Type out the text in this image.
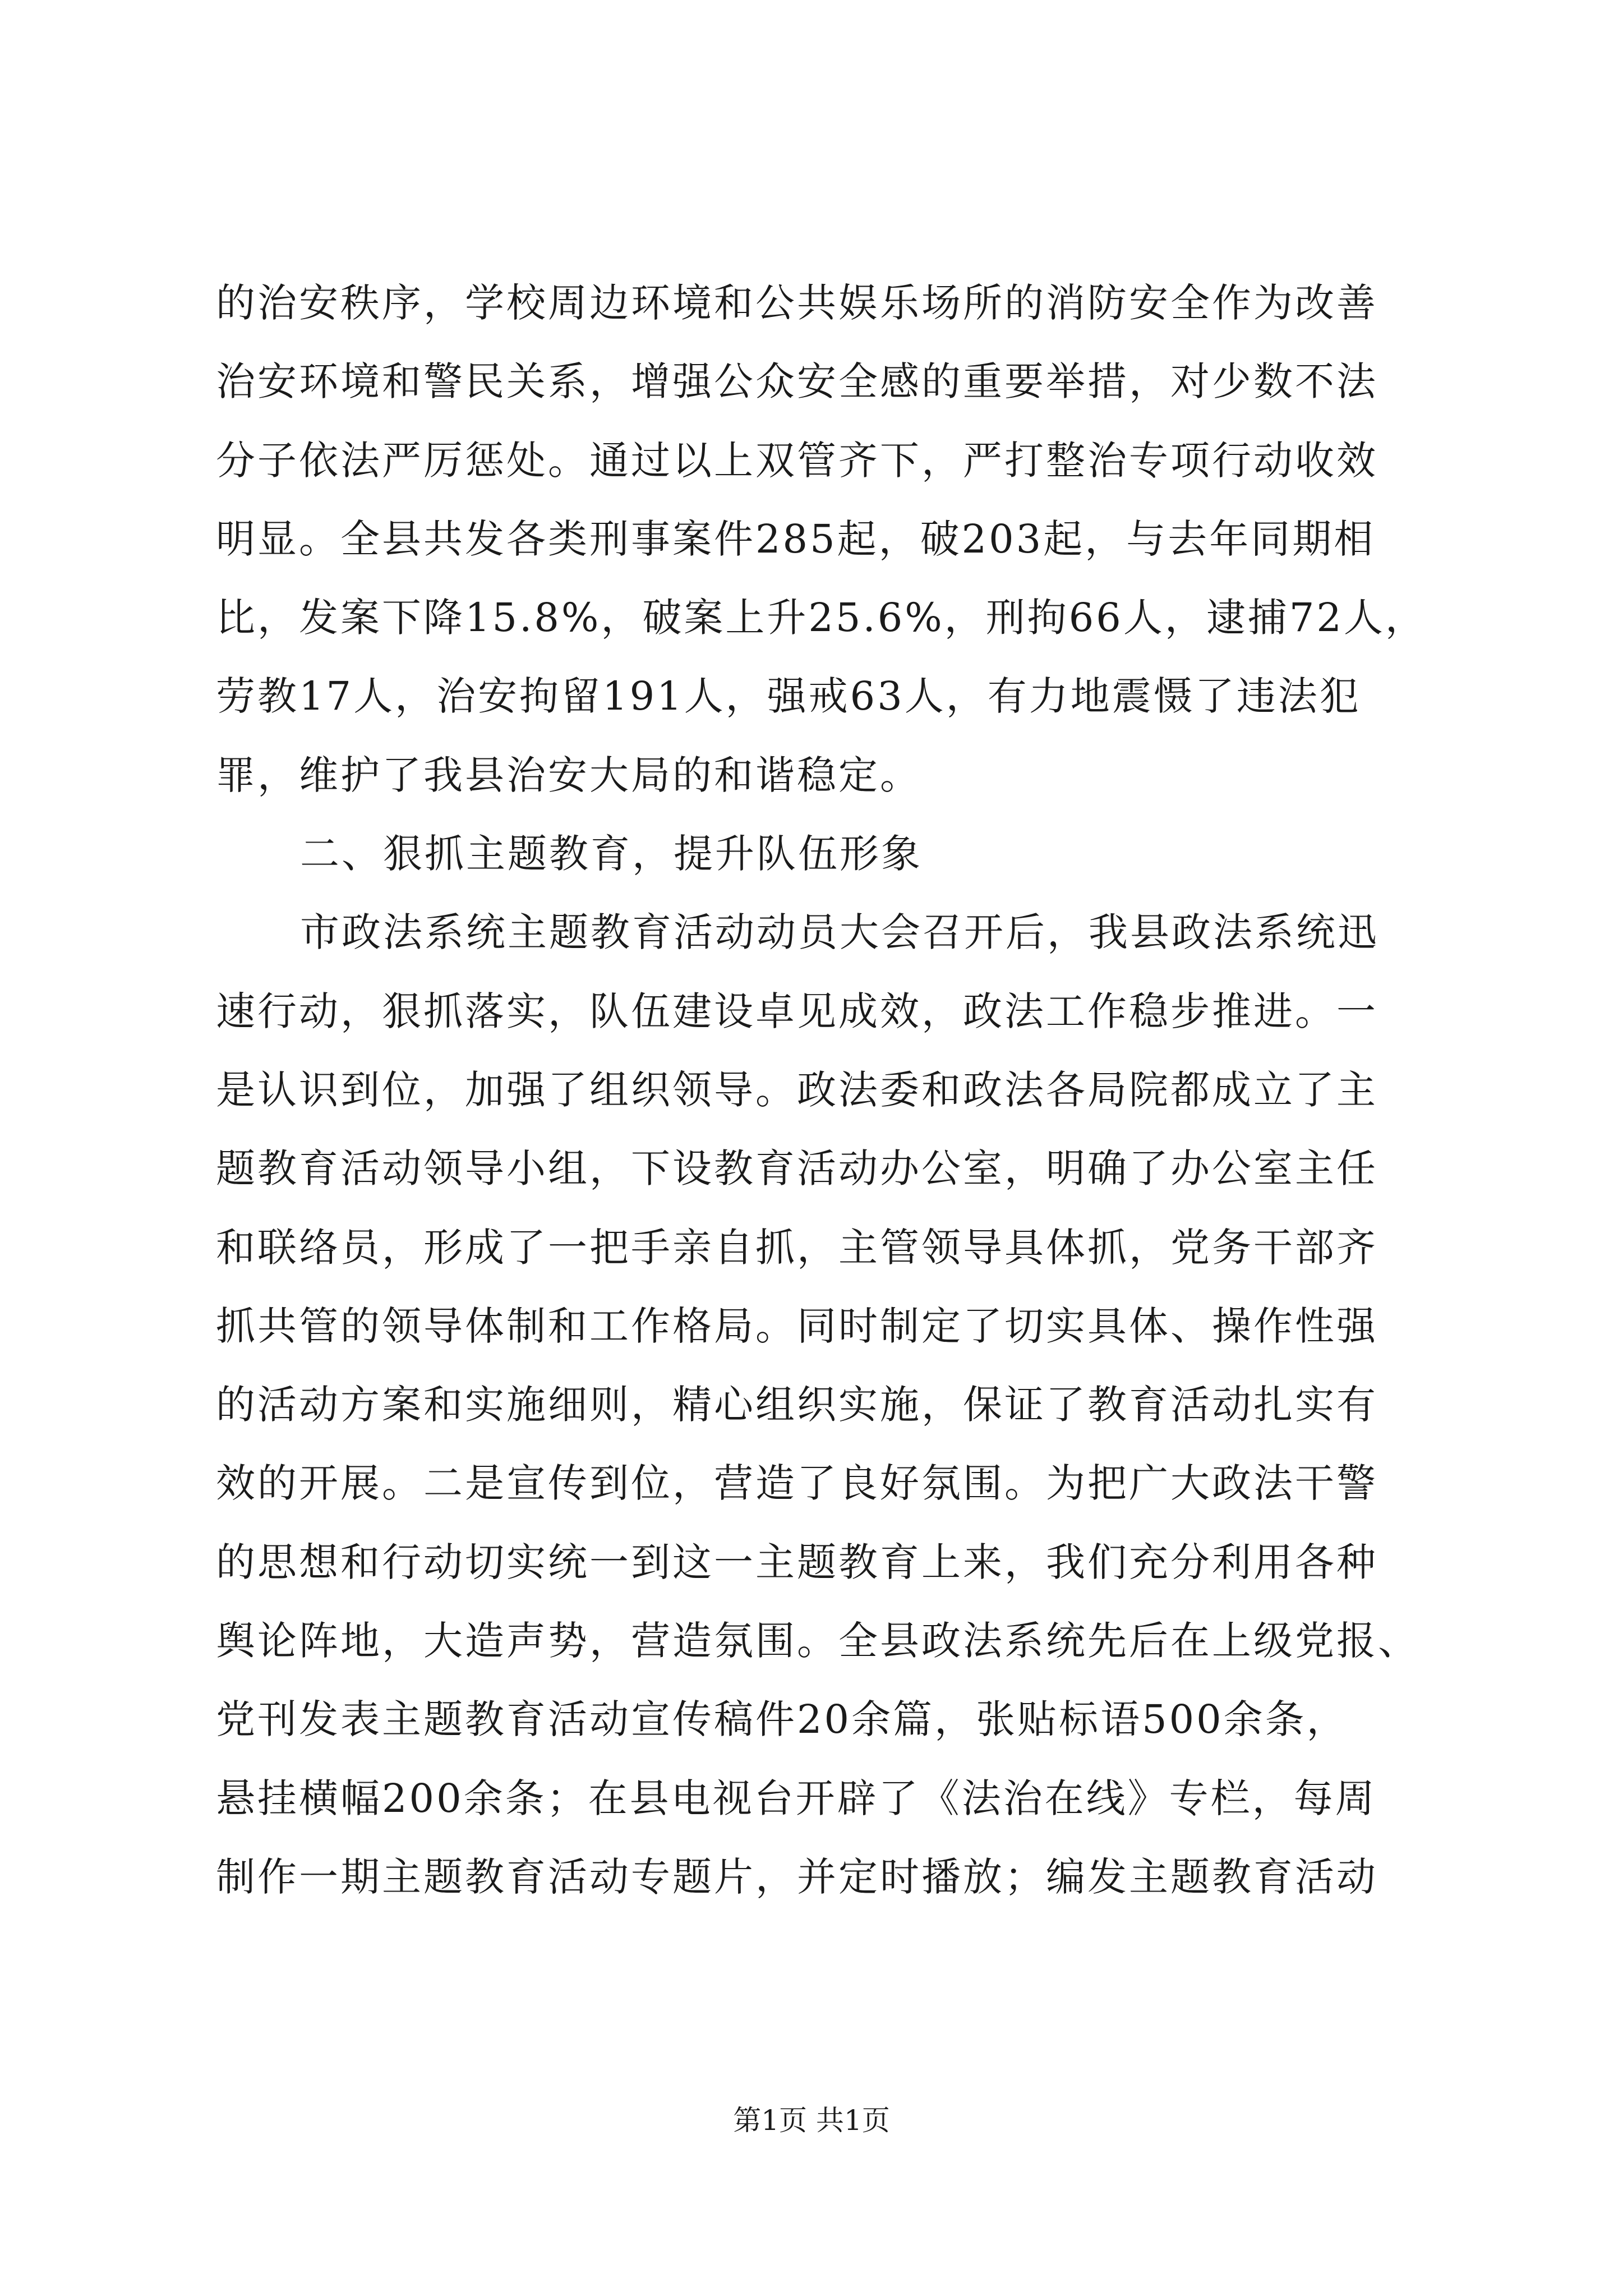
的治安秩序，学校周边环境和公共娱乐场所的消防安全作为改善
治安环境和警民关系，增强公众安全感的重要举措，对少数不法
分子依法严厉惩处。通过以上双管齐下，严打整治专项行动收效
明显。全县共发各类刑事案件285起，破203起，与去年同期相
比，发案下降15.8%，破案上升25.6%，刑拘66人，逮捕72人，
劳教17人，治安拘留191人，强戒63人，有力地震慑了违法犯
罪，维护了我县治安大局的和谐稳定。
二、狠抓主题教育，提升队伍形象
市政法系统主题教育活动动员大会召开后，我县政法系统迅
速行动，狠抓落实，队伍建设卓见成效，政法工作稳步推进。一
是认识到位，加强了组织领导。政法委和政法各局院都成立了主
题教育活动领导小组，下设教育活动办公室，明确了办公室主任
和联络员，形成了一把手亲自抓，主管领导具体抓，党务干部齐
抓共管的领导体制和工作格局。同时制定了切实具体、操作性强
的活动方案和实施细则，精心组织实施，保证了教育活动扎实有
效的开展。二是宣传到位，营造了良好氛围。为把广大政法干警
的思想和行动切实统一到这一主题教育上来，我们充分利用各种
舆论阵地，大造声势，营造氛围。全县政法系统先后在上级党报、
党刊发表主题教育活动宣传稿件20余篇，张贴标语500余条，
悬挂横幅200余条；在县电视台开辟了《法治在线》专栏，每周
制作一期主题教育活动专题片，并定时播放；编发主题教育活动
第1页 共1页
